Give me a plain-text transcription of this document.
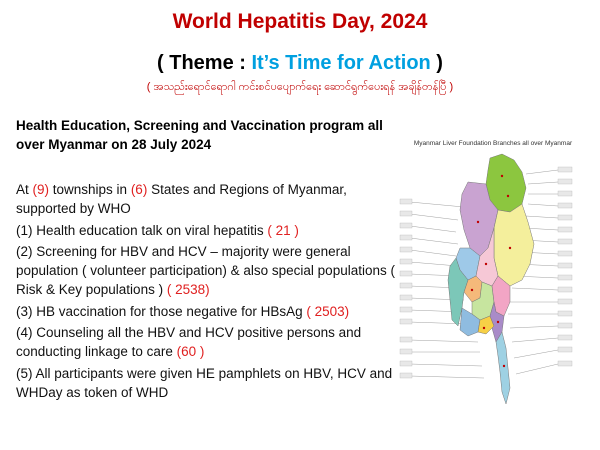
World Hepatitis Day, 2024
( Theme : It’s Time for Action )
( အသည်းရောင်ရောဂါ ကင်းစင်ပပျောက်ရေး ဆောင်ရွက်ပေးရန် အချိန်တန်ပြီ )
Health Education, Screening and Vaccination program all over Myanmar on 28 July 2024

At (9) townships in (6) States and Regions of Myanmar, supported by WHO

(1) Health education talk on viral hepatitis ( 21 )

(2) Screening for HBV and HCV – majority were general population ( volunteer participation) & also special populations ( Risk & Key populations ) ( 2538)

(3) HB vaccination for those negative for HBsAg ( 2503)

(4) Counseling all the HBV and HCV positive persons and conducting linkage to care (60 )

(5) All participants were given HE pamphlets on HBV, HCV and WHDay as token of WHD

Myanmar Liver Foundation Branches all over Myanmar
